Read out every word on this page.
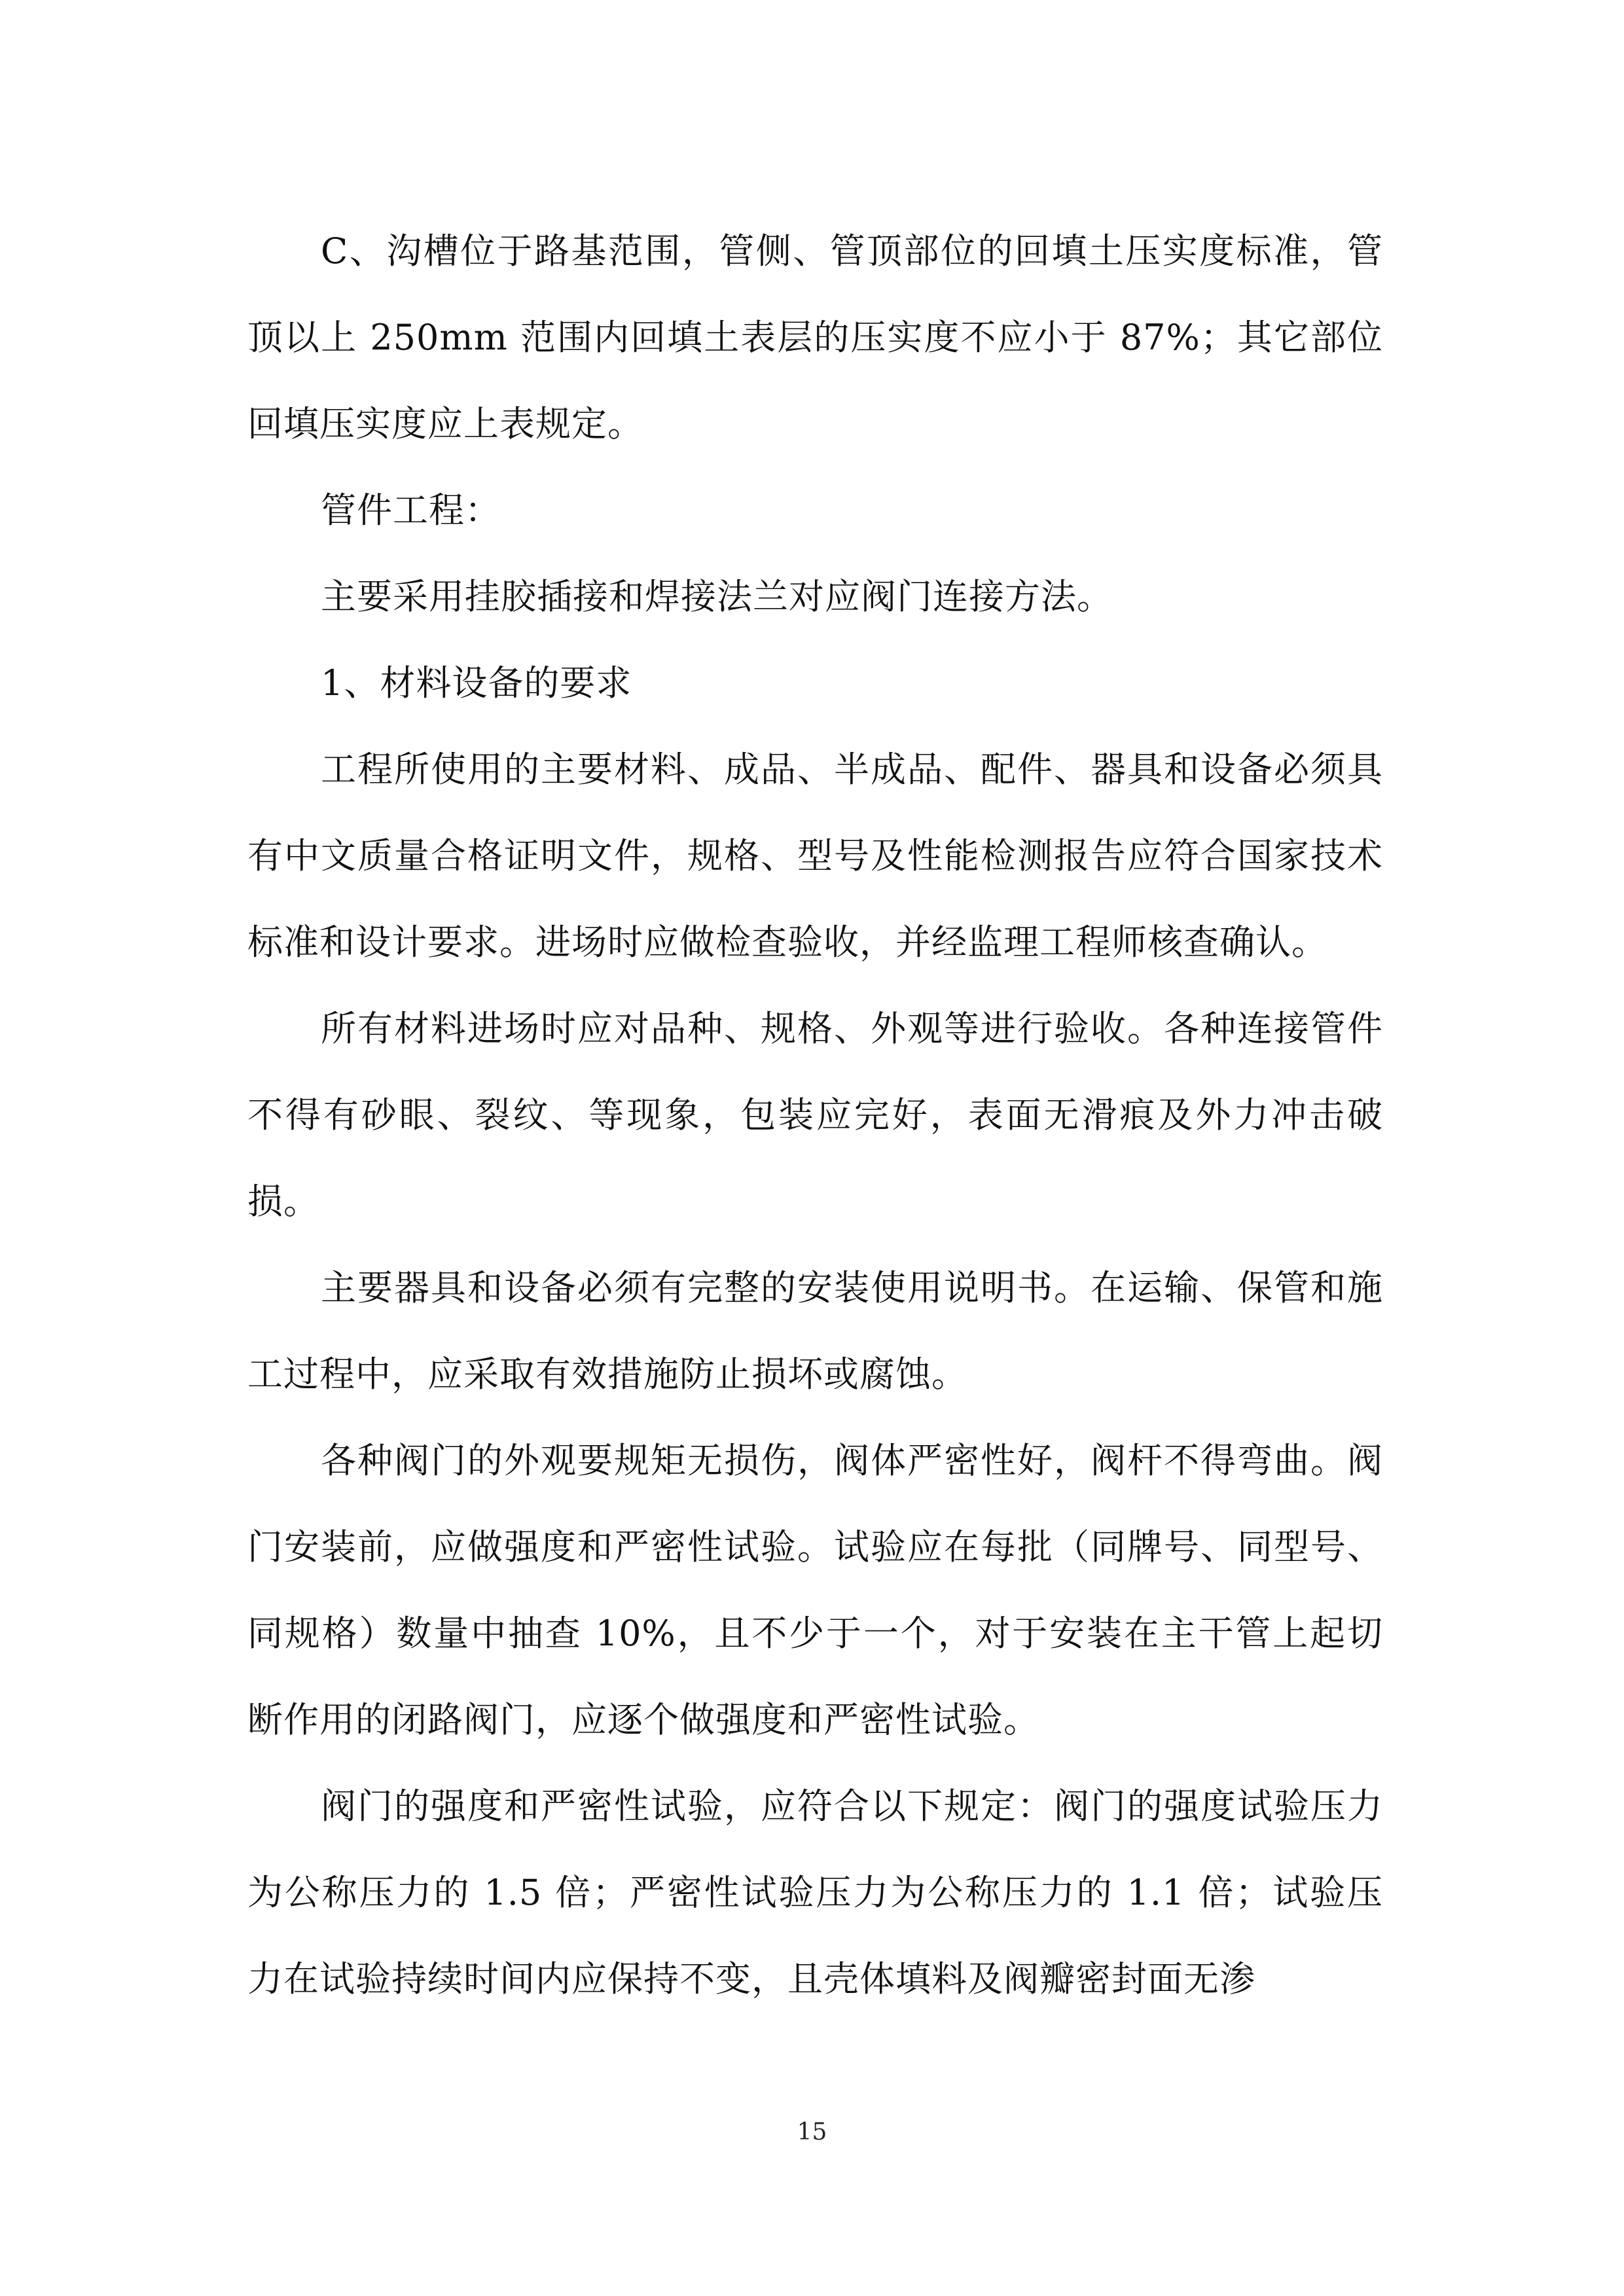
C、沟槽位于路基范围，管侧、管顶部位的回填土压实度标准，管顶以上 250mm 范围内回填土表层的压实度不应小于 87%；其它部位回填压实度应上表规定。

管件工程：

主要采用挂胶插接和焊接法兰对应阀门连接方法。

1、材料设备的要求

工程所使用的主要材料、成品、半成品、配件、器具和设备必须具有中文质量合格证明文件，规格、型号及性能检测报告应符合国家技术标准和设计要求。进场时应做检查验收，并经监理工程师核查确认。

所有材料进场时应对品种、规格、外观等进行验收。各种连接管件不得有砂眼、裂纹、等现象，包装应完好，表面无滑痕及外力冲击破损。

主要器具和设备必须有完整的安装使用说明书。在运输、保管和施工过程中，应采取有效措施防止损坏或腐蚀。

各种阀门的外观要规矩无损伤，阀体严密性好，阀杆不得弯曲。阀门安装前，应做强度和严密性试验。试验应在每批（同牌号、同型号、同规格）数量中抽查 10%，且不少于一个，对于安装在主干管上起切断作用的闭路阀门，应逐个做强度和严密性试验。

阀门的强度和严密性试验，应符合以下规定：阀门的强度试验压力为公称压力的 1.5 倍；严密性试验压力为公称压力的 1.1 倍；试验压力在试验持续时间内应保持不变，且壳体填料及阀瓣密封面无渗

15
